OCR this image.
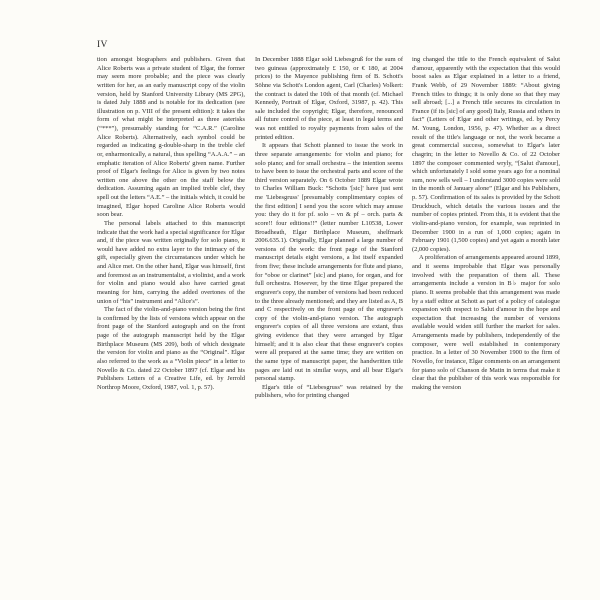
IV

tion amongst biographers and publishers. Given that Alice Roberts was a private student of Elgar, the former may seem more probable; and the piece was clearly written for her, as an early manuscript copy of the violin version, held by Stanford University Library (MS 2PG), is dated July 1888 and is notable for its dedication (see illustration on p. VIII of the present edition): it takes the form of what might be interpreted as three asterisks (“***”), presumably standing for “C.A.R.” (Caroline Alice Roberts). Alternatively, each symbol could be regarded as indicating g-double-sharp in the treble clef or, enharmonically, a natural, thus spelling “A.A.A.” – an emphatic iteration of Alice Roberts' given name. Further proof of Elgar's feelings for Alice is given by two notes written one above the other on the staff below the dedication. Assuming again an implied treble clef, they spell out the letters “A.E.” – the initials which, it could be imagined, Elgar hoped Caroline Alice Roberts would soon bear.

The personal labels attached to this manuscript indicate that the work had a special significance for Elgar and, if the piece was written originally for solo piano, it would have added no extra layer to the intimacy of the gift, especially given the circumstances under which he and Alice met. On the other hand, Elgar was himself, first and foremost as an instrumentalist, a violinist, and a work for violin and piano would also have carried great meaning for him, carrying the added overtones of the union of “his” instrument and “Alice's”.

The fact of the violin-and-piano version being the first is confirmed by the lists of versions which appear on the front page of the Stanford autograph and on the front page of the autograph manuscript held by the Elgar Birthplace Museum (MS 209), both of which designate the version for violin and piano as the “Original”. Elgar also referred to the work as a “Violin piece” in a letter to Novello & Co. dated 22 October 1897 (cf. Elgar and his Publishers Letters of a Creative Life, ed. by Jerrold Northrop Moore, Oxford, 1987, vol. 1, p. 57).

In December 1888 Elgar sold Liebesgruß for the sum of two guineas (approximately £ 150, or € 180, at 2004 prices) to the Mayence publishing firm of B. Schott's Söhne via Schott's London agent, Carl (Charles) Volkert: the contract is dated the 10th of that month (cf. Michael Kennedy, Portrait of Elgar, Oxford, 31987, p. 42). This sale included the copyright; Elgar, therefore, renounced all future control of the piece, at least in legal terms and was not entitled to royalty payments from sales of the printed edition.

It appears that Schott planned to issue the work in three separate arrangements: for violin and piano; for solo piano; and for small orchestra – the intention seems to have been to issue the orchestral parts and score of the third version separately. On 6 October 1889 Elgar wrote to Charles William Buck: “Schotts '[sic]' have just sent me 'Liebesgruss' [presumably complimentary copies of the first edition] I send you the score which may amuse you: they do it for pf. solo – vn & pf – orch. parts & score!! four editions!!” (letter number L10538, Lower Broadheath, Elgar Birthplace Museum, shelfmark 2006.635.1). Originally, Elgar planned a large number of versions of the work: the front page of the Stanford manuscript details eight versions, a list itself expanded from five; these include arrangements for flute and piano, for “oboe or clarinet” [sic] and piano, for organ, and for full orchestra. However, by the time Elgar prepared the engraver's copy, the number of versions had been reduced to the three already mentioned; and they are listed as A, B and C respectively on the front page of the engraver's copy of the violin-and-piano version. The autograph engraver's copies of all three versions are extant, thus giving evidence that they were arranged by Elgar himself; and it is also clear that these engraver's copies were all prepared at the same time; they are written on the same type of manuscript paper, the handwritten title pages are laid out in similar ways, and all bear Elgar's personal stamp.

Elgar's title of “Liebesgruss” was retained by the publishers, who for printing changed

ing changed the title to the French equivalent of Salut d'amour, apparently with the expectation that this would boost sales as Elgar explained in a letter to a friend, Frank Webb, of 29 November 1889: “About giving French titles to things; it is only done so that they may sell abroad; [...] a French title secures its circulation in France (if its [sic] of any good) Italy, Russia and others in fact” (Letters of Elgar and other writings, ed. by Percy M. Young, London, 1956, p. 47). Whether as a direct result of the title's language or not, the work became a great commercial success, somewhat to Elgar's later chagrin; in the letter to Novello & Co. of 22 October 1897 the composer commented wryly, “[Salut d'amour], which unfortunately I sold some years ago for a nominal sum, now sells well – I understand 3000 copies were sold in the month of January alone” (Elgar and his Publishers, p. 57). Confirmation of its sales is provided by the Schott Druckbuch, which details the various issues and the number of copies printed. From this, it is evident that the violin-and-piano version, for example, was reprinted in December 1900 in a run of 1,000 copies; again in February 1901 (1,500 copies) and yet again a month later (2,000 copies).

A proliferation of arrangements appeared around 1899, and it seems improbable that Elgar was personally involved with the preparation of them all. These arrangements include a version in B♭ major for solo piano. It seems probable that this arrangement was made by a staff editor at Schott as part of a policy of catalogue expansion with respect to Salut d'amour in the hope and expectation that increasing the number of versions available would widen still further the market for sales. Arrangements made by publishers, independently of the composer, were well established in contemporary practice. In a letter of 30 November 1900 to the firm of Novello, for instance, Elgar comments on an arrangement for piano solo of Chanson de Matin in terms that make it clear that the publisher of this work was responsible for making the version
